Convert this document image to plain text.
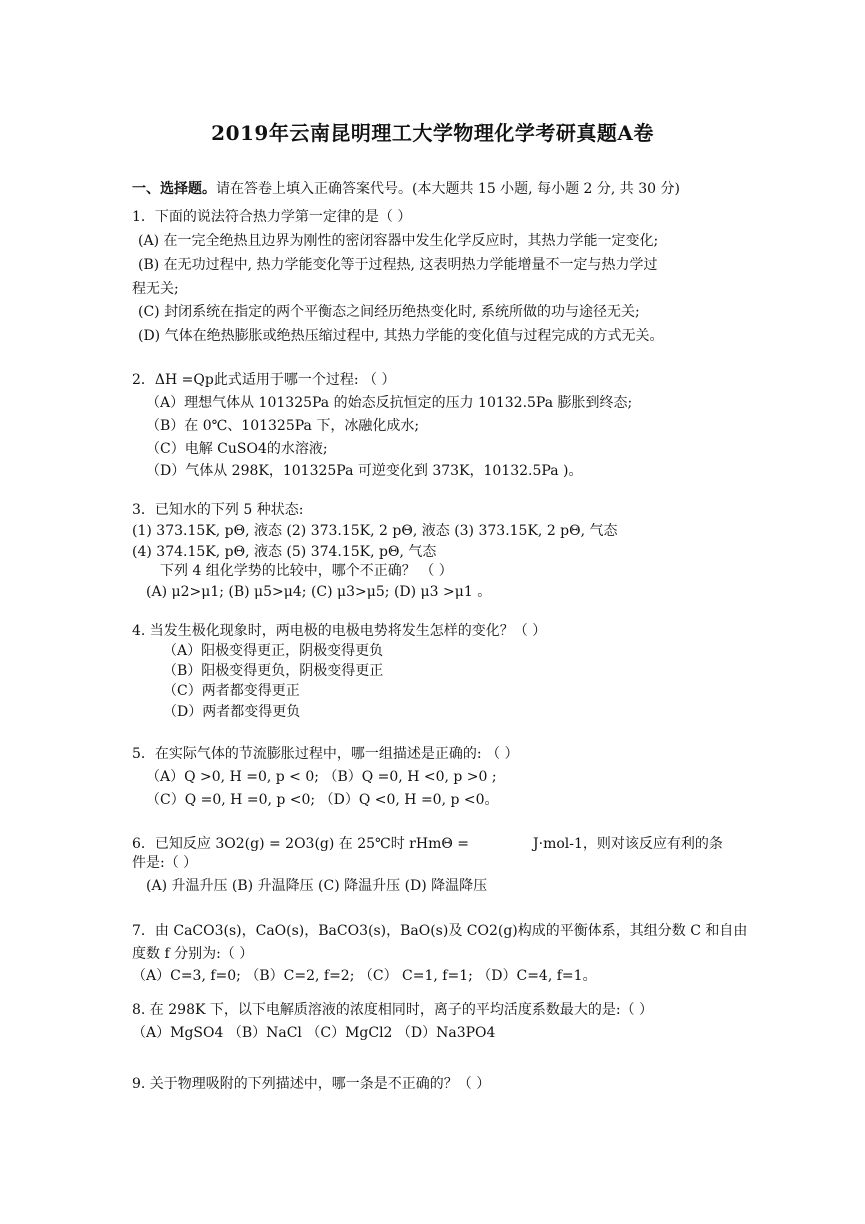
2019年云南昆明理工大学物理化学考研真题A卷
一、选择题。请在答卷上填入正确答案代号。(本大题共 15 小题, 每小题 2 分, 共 30 分)
1．下面的说法符合热力学第一定律的是（ ）
(A) 在一完全绝热且边界为刚性的密闭容器中发生化学反应时，其热力学能一定变化;
(B) 在无功过程中, 热力学能变化等于过程热, 这表明热力学能增量不一定与热力学过
程无关;
(C) 封闭系统在指定的两个平衡态之间经历绝热变化时, 系统所做的功与途径无关;
(D) 气体在绝热膨胀或绝热压缩过程中, 其热力学能的变化值与过程完成的方式无关。
2．ΔH =Qp此式适用于哪一个过程: （ ）
（A）理想气体从 101325Pa 的始态反抗恒定的压力 10132.5Pa 膨胀到终态;
（B）在 0℃、101325Pa 下，冰融化成水;
（C）电解 CuSO4的水溶液;
（D）气体从 298K，101325Pa 可逆变化到 373K，10132.5Pa )。
3．已知水的下列 5 种状态:
(1) 373.15K, pΘ, 液态 (2) 373.15K, 2 pΘ, 液态 (3) 373.15K, 2 pΘ, 气态
(4) 374.15K, pΘ, 液态 (5) 374.15K, pΘ, 气态
下列 4 组化学势的比较中，哪个不正确？ （ ）
(A) μ2>μ1; (B) μ5>μ4; (C) μ3>μ5; (D) μ3 >μ1 。
4. 当发生极化现象时，两电极的电极电势将发生怎样的变化？（ ）
（A）阳极变得更正，阴极变得更负
（B）阳极变得更负，阴极变得更正
（C）两者都变得更正
（D）两者都变得更负
5．在实际气体的节流膨胀过程中，哪一组描述是正确的: （ ）
（A）Q >0, H =0, p < 0; （B）Q =0, H <0, p >0 ;
（C）Q =0, H =0, p <0; （D）Q <0, H =0, p <0。
6．已知反应 3O2(g) = 2O3(g) 在 25℃时 rHmΘ =	J·mol-1，则对该反应有利的条
件是:（ ）
(A) 升温升压 (B) 升温降压 (C) 降温升压 (D) 降温降压
7．由 CaCO3(s)，CaO(s)，BaCO3(s)，BaO(s)及 CO2(g)构成的平衡体系，其组分数 C 和自由
度数 f 分别为:（ ）
（A）C=3, f=0; （B）C=2, f=2; （C） C=1, f=1; （D）C=4, f=1。
8. 在 298K 下，以下电解质溶液的浓度相同时，离子的平均活度系数最大的是:（ ）
（A）MgSO4 （B）NaCl （C）MgCl2 （D）Na3PO4
9. 关于物理吸附的下列描述中，哪一条是不正确的？（ ）
